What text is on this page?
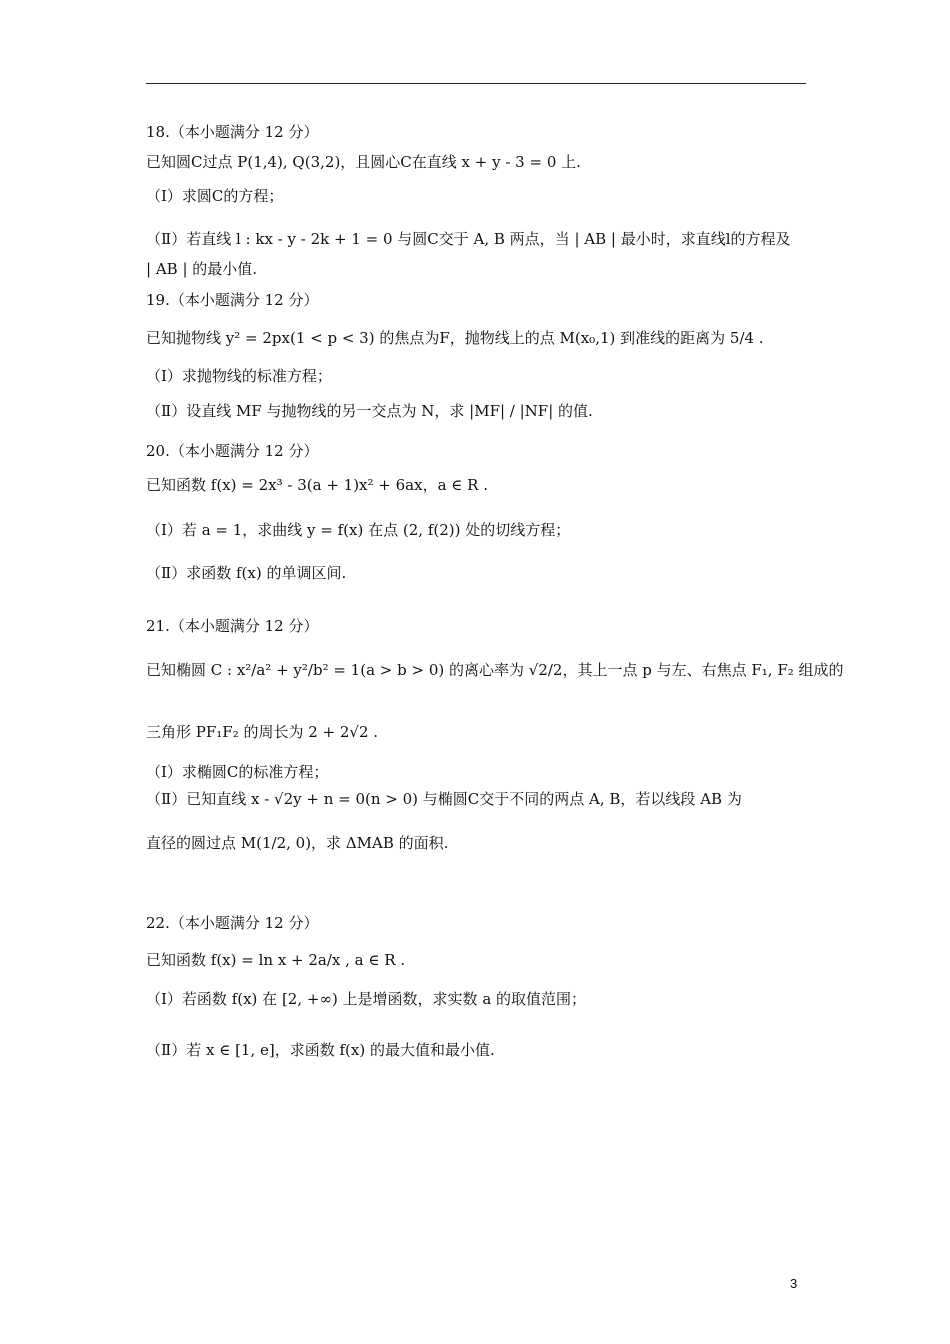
18.（本小题满分 12 分）
已知圆C过点 P(1,4), Q(3,2)，且圆心C在直线 x + y - 3 = 0 上.
（Ⅰ）求圆C的方程；
（Ⅱ）若直线 l : kx - y - 2k + 1 = 0 与圆C交于 A, B 两点，当 | AB | 最小时，求直线l的方程及
| AB | 的最小值.
19.（本小题满分 12 分）
已知抛物线 y² = 2px(1 < p < 3) 的焦点为F，抛物线上的点 M(x₀,1) 到准线的距离为 5/4 .
（Ⅰ）求抛物线的标准方程；
（Ⅱ）设直线 MF 与抛物线的另一交点为 N，求 |MF| / |NF| 的值.
20.（本小题满分 12 分）
已知函数 f(x) = 2x³ - 3(a + 1)x² + 6ax，a ∈ R .
（Ⅰ）若 a = 1，求曲线 y = f(x) 在点 (2, f(2)) 处的切线方程；
（Ⅱ）求函数 f(x) 的单调区间.
21.（本小题满分 12 分）
已知椭圆 C : x²/a² + y²/b² = 1(a > b > 0) 的离心率为 √2/2，其上一点 p 与左、右焦点 F₁, F₂ 组成的
三角形 PF₁F₂ 的周长为 2 + 2√2 .
（Ⅰ）求椭圆C的标准方程；
（Ⅱ）已知直线 x - √2y + n = 0(n > 0) 与椭圆C交于不同的两点 A, B，若以线段 AB 为
直径的圆过点 M(1/2, 0)，求 ΔMAB 的面积.
22.（本小题满分 12 分）
已知函数 f(x) = ln x + 2a/x , a ∈ R .
（Ⅰ）若函数 f(x) 在 [2, +∞) 上是增函数，求实数 a 的取值范围；
（Ⅱ）若 x ∈ [1, e]，求函数 f(x) 的最大值和最小值.
3
